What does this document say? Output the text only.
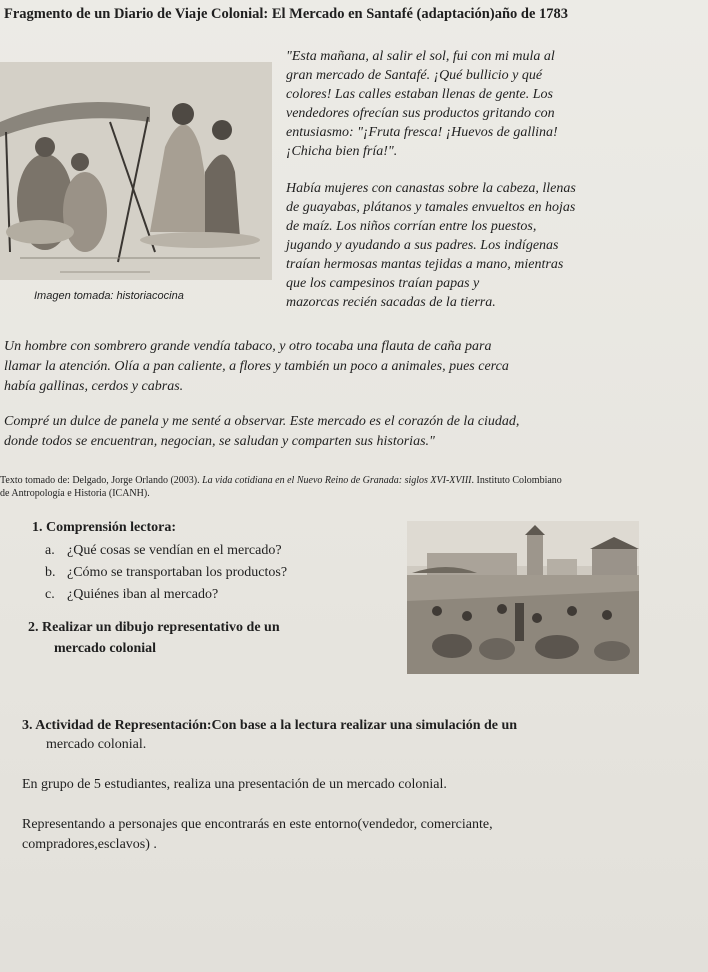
Fragmento de un Diario de Viaje Colonial: El Mercado en Santafé (adaptación)año de 1783

"Esta mañana, al salir el sol, fui con mi mula al

gran mercado de Santafé. ¡Qué bullicio y qué

colores! Las calles estaban llenas de gente. Los

vendedores ofrecían sus productos gritando con

entusiasmo: "¡Fruta fresca! ¡Huevos de gallina!

¡Chicha bien fría!".

Había mujeres con canastas sobre la cabeza, llenas

de guayabas, plátanos y tamales envueltos en hojas

de maíz. Los niños corrían entre los puestos,

jugando y ayudando a sus padres. Los indígenas

traían hermosas mantas tejidas a mano, mientras

que los campesinos traían papas y

mazorcas recién sacadas de la tierra.

Imagen tomada: historiacocina

Un hombre con sombrero grande vendía tabaco, y otro tocaba una flauta de caña para

llamar la atención. Olía a pan caliente, a flores y también un poco a animales, pues cerca

había gallinas, cerdos y cabras.

Compré un dulce de panela y me senté a observar. Este mercado es el corazón de la ciudad,

donde todos se encuentran, negocian, se saludan y comparten sus historias."

Texto tomado de: Delgado, Jorge Orlando (2003). La vida cotidiana en el Nuevo Reino de Granada: siglos XVI-XVIII. Instituto Colombiano
de Antropología e Historia (ICANH).

1. Comprensión lectora:

a. ¿Qué cosas se vendían en el mercado?
b. ¿Cómo se transportaban los productos?
c. ¿Quiénes iban al mercado?

2. Realizar un dibujo representativo de un

mercado colonial

3. Actividad de Representación:Con base a la lectura realizar una simulación de un

mercado colonial.

En grupo de 5 estudiantes, realiza una presentación de un mercado colonial.

Representando a personajes que encontrarás en este entorno(vendedor, comerciante,

compradores,esclavos) .
